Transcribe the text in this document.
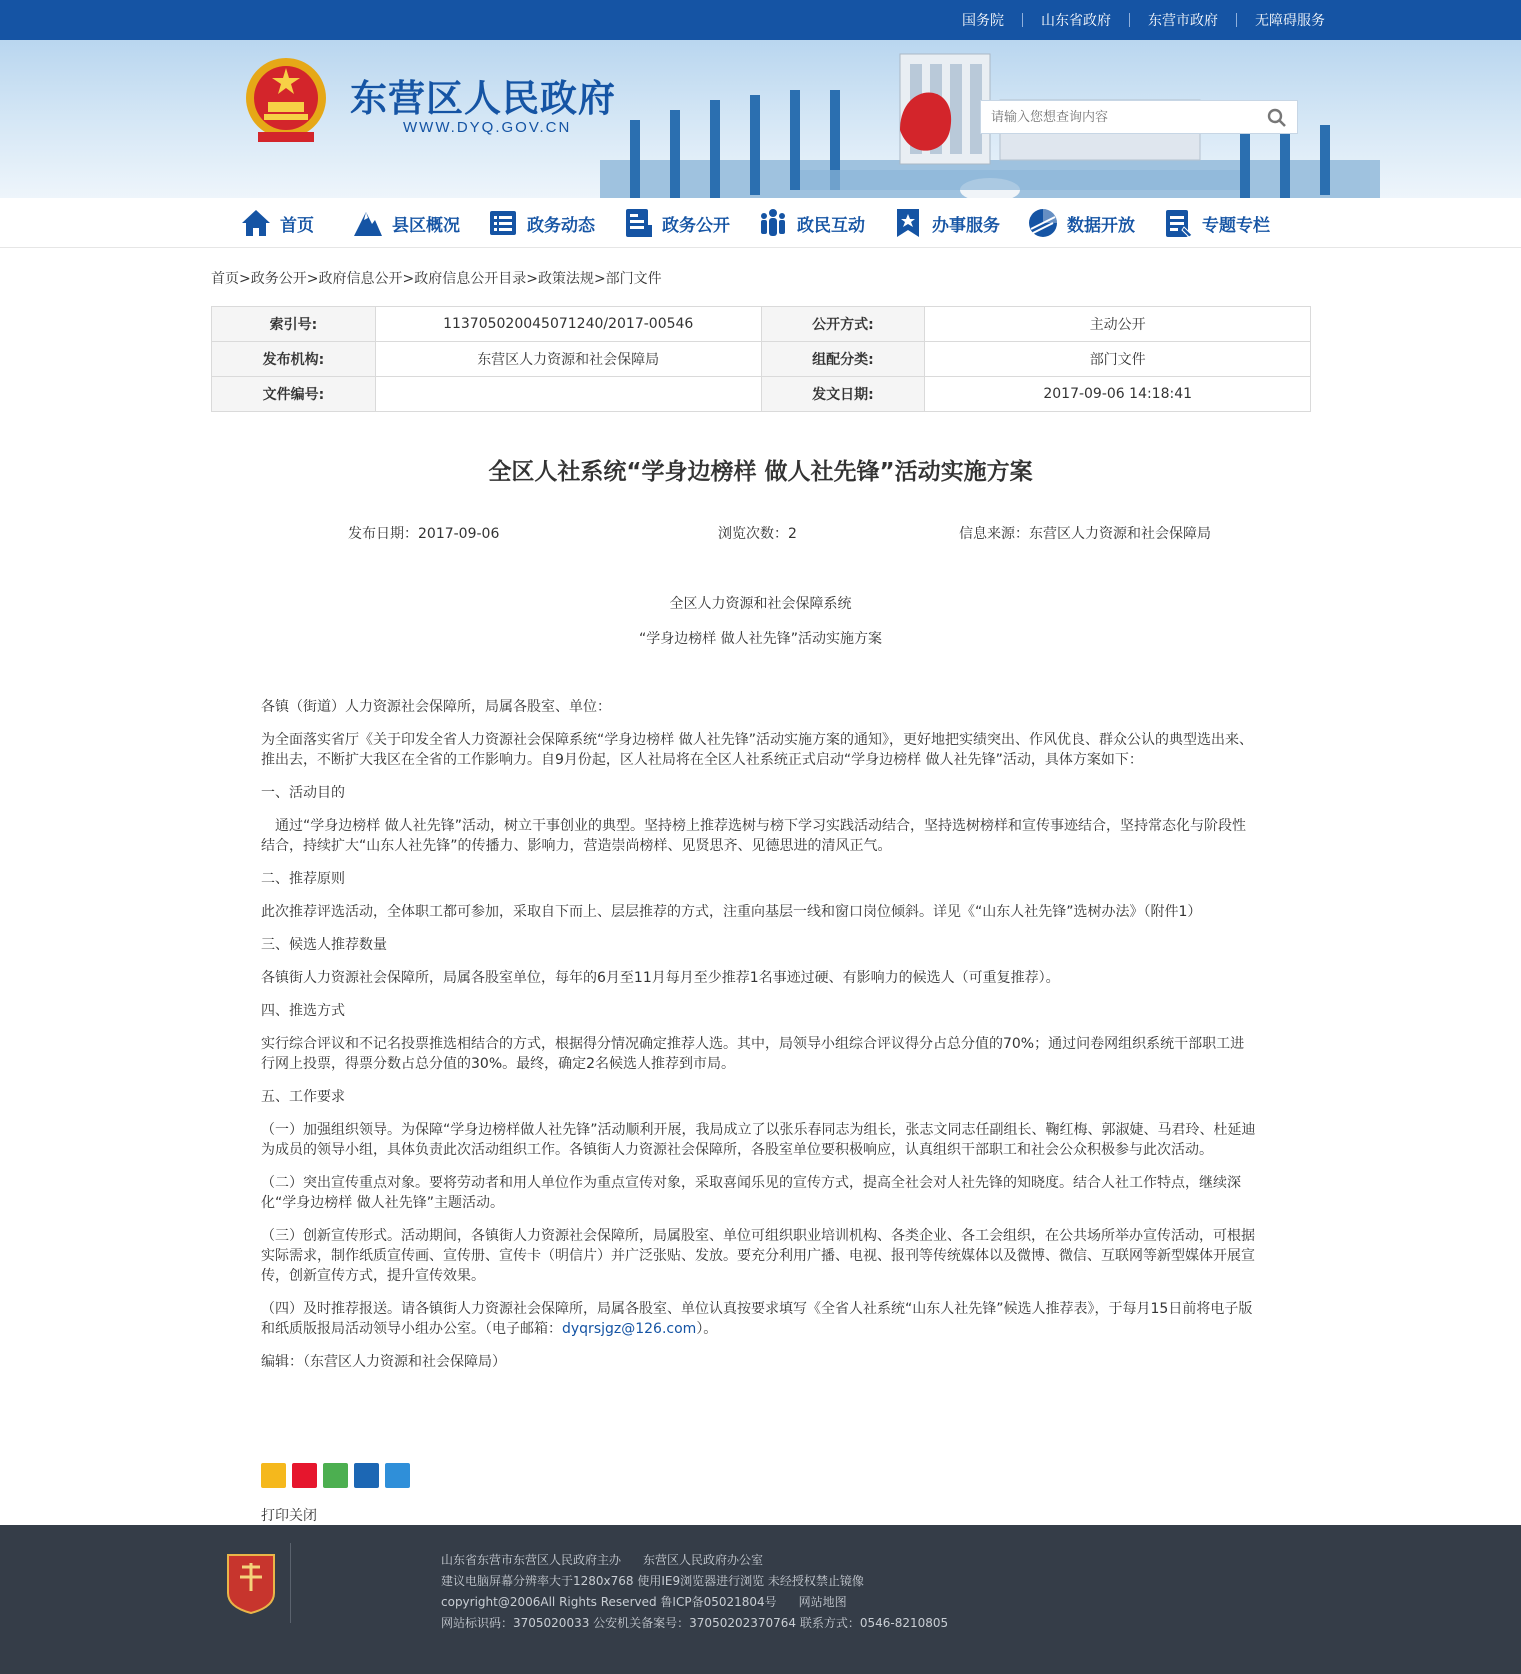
国务院	山东省政府	东营市政府	无障碍服务
东营区人民政府
WWW.DYQ.GOV.CN
请输入您想查询内容
首页	县区概况	政务动态	政务公开	政民互动	办事服务	数据开放	专题专栏
首页>政务公开>政府信息公开>政府信息公开目录>政策法规>部门文件
索引号:	113705020045071240/2017-00546	公开方式:	主动公开
发布机构:	东营区人力资源和社会保障局	组配分类:	部门文件
文件编号:		发文日期:	2017-09-06 14:18:41
全区人社系统“学身边榜样 做人社先锋”活动实施方案
发布日期：2017-09-06	浏览次数：2	信息来源：东营区人力资源和社会保障局
全区人力资源和社会保障系统
“学身边榜样 做人社先锋”活动实施方案

各镇（街道）人力资源社会保障所，局属各股室、单位：

为全面落实省厅《关于印发全省人力资源社会保障系统“学身边榜样 做人社先锋”活动实施方案的通知》，更好地把实绩突出、作风优良、群众公认的典型选出来、推出去，不断扩大我区在全省的工作影响力。自9月份起，区人社局将在全区人社系统正式启动“学身边榜样 做人社先锋”活动，具体方案如下：

一、活动目的

通过“学身边榜样 做人社先锋”活动，树立干事创业的典型。坚持榜上推荐选树与榜下学习实践活动结合，坚持选树榜样和宣传事迹结合，坚持常态化与阶段性结合，持续扩大“山东人社先锋”的传播力、影响力，营造崇尚榜样、见贤思齐、见德思进的清风正气。

二、推荐原则

此次推荐评选活动，全体职工都可参加，采取自下而上、层层推荐的方式，注重向基层一线和窗口岗位倾斜。详见《“山东人社先锋”选树办法》（附件1）

三、候选人推荐数量

各镇街人力资源社会保障所，局属各股室单位，每年的6月至11月每月至少推荐1名事迹过硬、有影响力的候选人（可重复推荐）。

四、推选方式

实行综合评议和不记名投票推选相结合的方式，根据得分情况确定推荐人选。其中，局领导小组综合评议得分占总分值的70%；通过问卷网组织系统干部职工进行网上投票，得票分数占总分值的30%。最终，确定2名候选人推荐到市局。

五、工作要求

（一）加强组织领导。为保障“学身边榜样做人社先锋”活动顺利开展，我局成立了以张乐春同志为组长，张志文同志任副组长、鞠红梅、郭淑婕、马君玲、杜延迪为成员的领导小组，具体负责此次活动组织工作。各镇街人力资源社会保障所，各股室单位要积极响应，认真组织干部职工和社会公众积极参与此次活动。

（二）突出宣传重点对象。要将劳动者和用人单位作为重点宣传对象，采取喜闻乐见的宣传方式，提高全社会对人社先锋的知晓度。结合人社工作特点，继续深化“学身边榜样 做人社先锋”主题活动。

（三）创新宣传形式。活动期间，各镇街人力资源社会保障所，局属股室、单位可组织职业培训机构、各类企业、各工会组织，在公共场所举办宣传活动，可根据实际需求，制作纸质宣传画、宣传册、宣传卡（明信片）并广泛张贴、发放。要充分利用广播、电视、报刊等传统媒体以及微博、微信、互联网等新型媒体开展宣传，创新宣传方式，提升宣传效果。

（四）及时推荐报送。请各镇街人力资源社会保障所，局属各股室、单位认真按要求填写《全省人社系统“山东人社先锋”候选人推荐表》，于每月15日前将电子版和纸质版报局活动领导小组办公室。（电子邮箱：dyqrsjgz@126.com）。

编辑：（东营区人力资源和社会保障局）

打印关闭
山东省东营市东营区人民政府主办 东营区人民政府办公室
建议电脑屏幕分辨率大于1280x768 使用IE9浏览器进行浏览 未经授权禁止镜像
copyright@2006All Rights Reserved 鲁ICP备05021804号 网站地图
网站标识码：3705020033 公安机关备案号：37050202370764 联系方式：0546-8210805
